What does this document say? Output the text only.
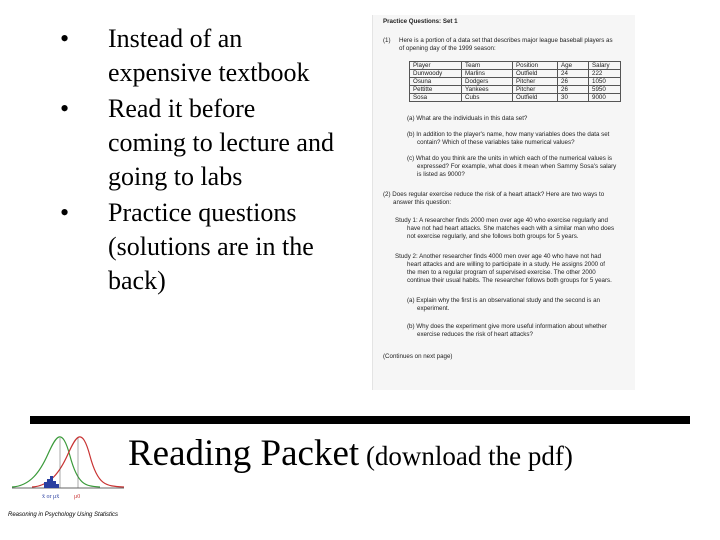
• Instead of an
expensive textbook
• Read it before
coming to lecture and
going to labs
• Practice questions
(solutions are in the
back)
Practice Questions: Set 1
(1) Here is a portion of a data set that describes major league baseball players as
of opening day of the 1999 season:
Player	Team	Position	Age	Salary
Dunwoody	Marlins	Outfield	24	222
Osuna	Dodgers	Pitcher	26	1050
Pettitte	Yankees	Pitcher	26	5950
Sosa	Cubs	Outfield	30	9000
(a) What are the individuals in this data set?
(b) In addition to the player's name, how many variables does the data set
contain? Which of these variables take numerical values?
(c) What do you think are the units in which each of the numerical values is
expressed? For example, what does it mean when Sammy Sosa's salary
is listed as 9000?
(2) Does regular exercise reduce the risk of a heart attack? Here are two ways to
answer this question:
Study 1: A researcher finds 2000 men over age 40 who exercise regularly and
have not had heart attacks. She matches each with a similar man who does
not exercise regularly, and she follows both groups for 5 years.
Study 2: Another researcher finds 4000 men over age 40 who have not had
heart attacks and are willing to participate in a study. He assigns 2000 of
the men to a regular program of supervised exercise. The other 2000
continue their usual habits. The researcher follows both groups for 5 years.
(a) Explain why the first is an observational study and the second is an
experiment.
(b) Why does the experiment give more useful information about whether
exercise reduces the risk of heart attacks?
(Continues on next page)
x̄ or μx̄ μ0
Reasoning in Psychology Using Statistics
Reading Packet (download the pdf)
